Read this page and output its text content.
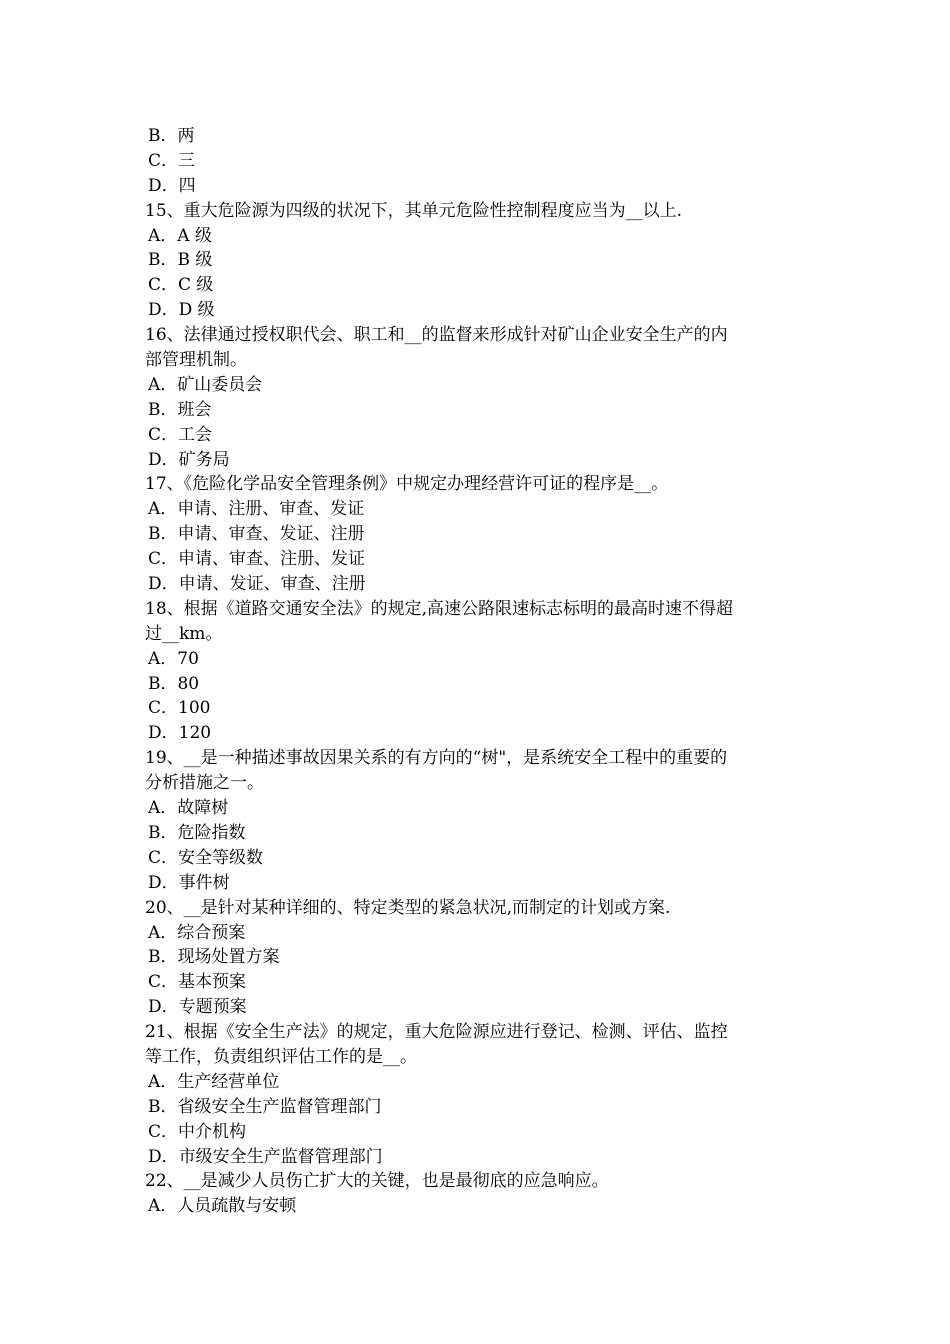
B．两
C．三
D．四
15、重大危险源为四级的状况下，其单元危险性控制程度应当为__以上.
A．A 级
B．B 级
C．C 级
D．D 级
16、法律通过授权职代会、职工和__的监督来形成针对矿山企业安全生产的内
部管理机制。
A．矿山委员会
B．班会
C．工会
D．矿务局
17、《危险化学品安全管理条例》中规定办理经营许可证的程序是__。
A．申请、注册、审查、发证
B．申请、审查、发证、注册
C．申请、审查、注册、发证
D．申请、发证、审查、注册
18、根据《道路交通安全法》的规定,高速公路限速标志标明的最高时速不得超
过__km。
A．70
B．80
C．100
D．120
19、__是一种描述事故因果关系的有方向的“树"，是系统安全工程中的重要的
分析措施之一。
A．故障树
B．危险指数
C．安全等级数
D．事件树
20、__是针对某种详细的、特定类型的紧急状况,而制定的计划或方案.
A．综合预案
B．现场处置方案
C．基本预案
D．专题预案
21、根据《安全生产法》的规定，重大危险源应进行登记、检测、评估、监控
等工作，负责组织评估工作的是__。
A．生产经营单位
B．省级安全生产监督管理部门
C．中介机构
D．市级安全生产监督管理部门
22、__是减少人员伤亡扩大的关键，也是最彻底的应急响应。
A．人员疏散与安顿
